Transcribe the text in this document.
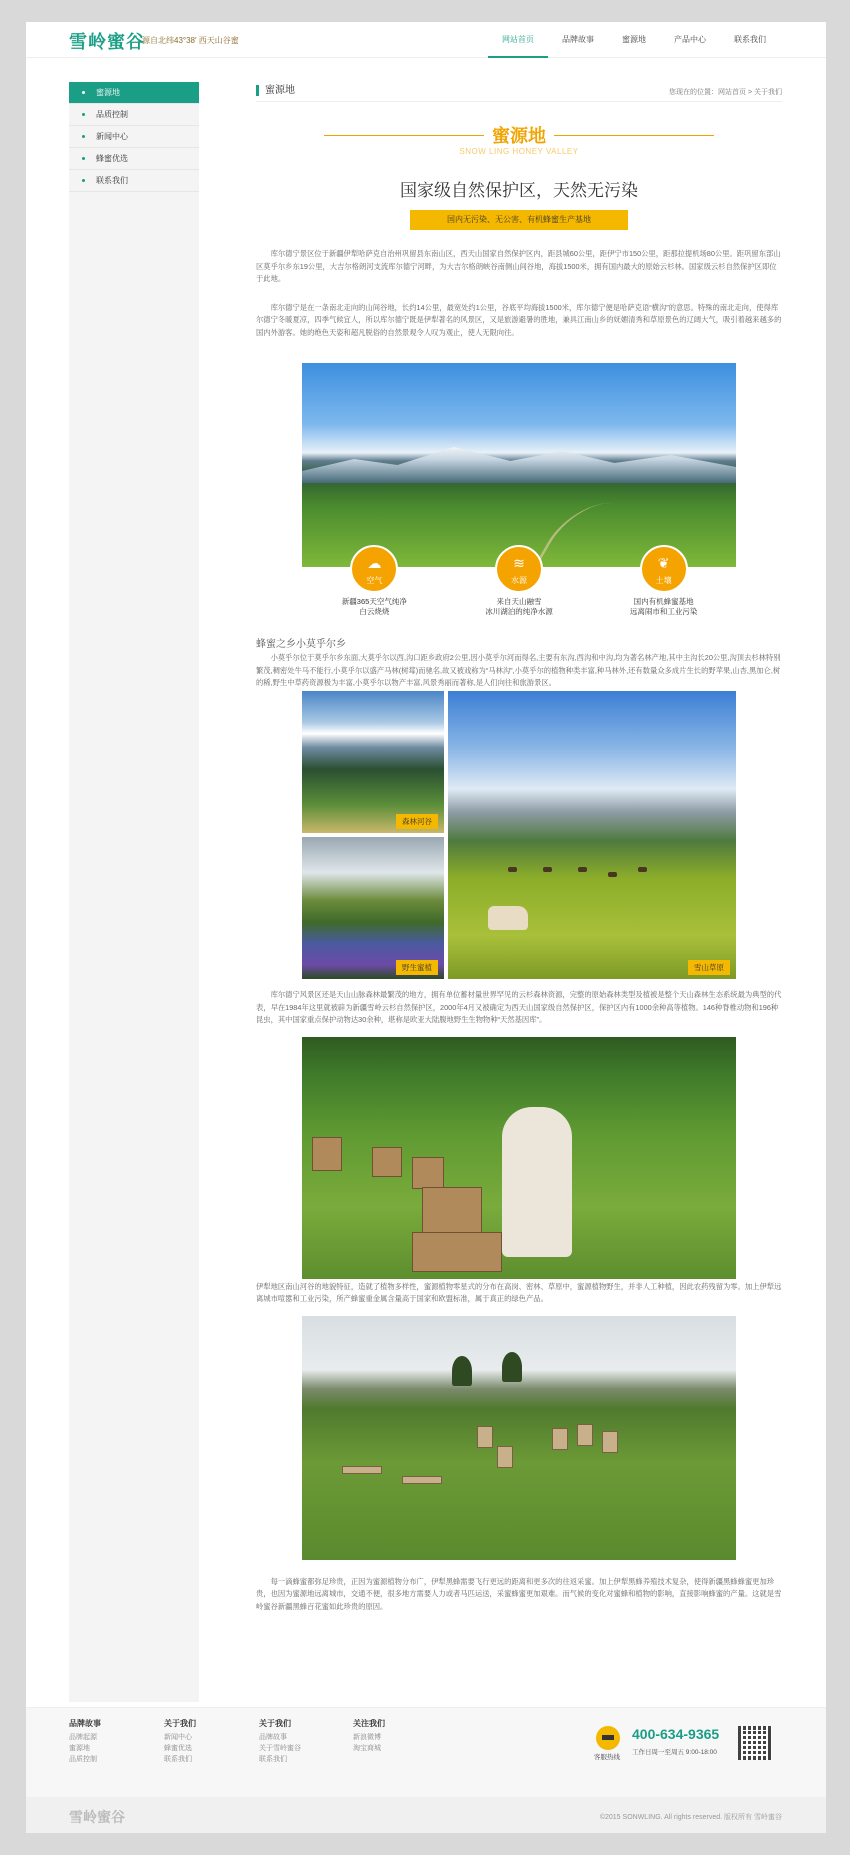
雪岭蜜谷
源自北纬43°38′ 西天山谷蜜	网站首页	品牌故事	蜜源地	产品中心	联系我们
蜜源地
品质控制
新闻中心
蜂蜜优选
联系我们
蜜源地	您现在的位置：网站首页 > 关于我们
蜜源地
SNOW LING HONEY VALLEY
国家级自然保护区，天然无污染
国内无污染、无公害、有机蜂蜜生产基地

库尔德宁景区位于新疆伊犁哈萨克自治州巩留县东南山区，西天山国家自然保护区内，距县城60公里，距伊宁市150公里，距那拉提机场80公里。距巩留东部山区莫乎尔乡东19公里，大吉尔格朗河支流库尔德宁河畔，为大吉尔格朗峡谷南侧山间谷地，海拔1500米，拥有国内最大的原始云杉林。国家级云杉自然保护区即位于此地。

库尔德宁是在一条南北走向的山间谷地，长约14公里，最宽处约1公里，谷底平均海拔1500米，库尔德宁便是哈萨克语“横沟”的意思。特殊的南北走向，使得库尔德宁冬暖夏凉，四季气候宜人，所以库尔德宁既是伊犁著名的风景区，又是旅游避暑的胜地，兼具江南山乡的妩媚清秀和草原景色的辽阔大气，吸引着越来越多的国内外游客。她的绝色天姿和超凡脱俗的自然景观令人叹为观止，使人无限向往。

☁
空气
新疆365天空气纯净
白云烧烧
≋
水源
来自天山融雪
冰川湖泊的纯净水源
❦
土壤
国内有机蜂蜜基地
远离闹市和工业污染
蜂蜜之乡小莫乎尔乡

小莫乎尔位于莫乎尔乡东面,大莫乎尔以西,沟口距乡政府2公里,因小莫乎尔河而得名,主要有东沟,西沟和中沟,均为著名林产地,其中主沟长20公里,沟顶去杉林特别繁茂,稠密处牛马不能行,小莫乎尔以盛产马林(树莓)而驰名,故又被戏称为“马林沟”,小莫乎尔的植物种类丰富,种马林外,还有数量众多成片生长的野苹果,山杏,黑加仑,树的稀,野生中草药资源极为丰富,小莫乎尔以物产丰富,风景秀丽而著称,是人们向往和旅游景区。

森林河谷
野生蜜植	雪山草原

库尔德宁风景区还是天山山脉森林最繁茂的地方，拥有单位蓄材量世界罕见的云杉森林资源，完整的原始森林类型及植被是整个天山森林生态系统最为典型的代表，早在1984年这里就被辟为新疆雪岭云杉自然保护区，2000年4月又被确定为西天山国家级自然保护区，保护区内有1000余种高等植物。146种脊椎动物和196种昆虫，其中国家重点保护动物达30余种，堪称是欧亚大陆腹地野生生物物种“天然基因库”。

伊犁地区南山河谷的地貌特征，造就了植物多样性，蜜源植物零星式的分布在高岗、密林、草原中，蜜源植物野生，并非人工种植，因此农药残留为零。加上伊犁远离城市喧嚣和工业污染，所产蜂蜜重金属含量高于国家和欧盟标准，属于真正的绿色产品。

每一滴蜂蜜都弥足珍贵，正因为蜜源植物分布广，伊犁黑蜂需要飞行更远的距离和更多次的往返采蜜。加上伊犁黑蜂养殖技术复杂，使得新疆黑蜂蜂蜜更加珍贵，也因为蜜源地远离城市，交通不便，很多地方需要人力或者马匹运送，采蜜蜂蜜更加艰难。而气候的变化对蜜蜂和植物的影响，直接影响蜂蜜的产量。这就是雪岭蜜谷新疆黑蜂百花蜜如此珍贵的原因。

品牌故事
品牌起源
蜜源地
品质控制
关于我们
新闻中心
蜂蜜优选
联系我们
关于我们
品牌故事
关于雪岭蜜谷
联系我们
关注我们
新浪微博
淘宝商城
客服热线
400-634-9365
工作日周一至周五 9:00-18:00
雪岭蜜谷	©2015 SONWLING. All rights reserved. 版权所有 雪岭蜜谷
